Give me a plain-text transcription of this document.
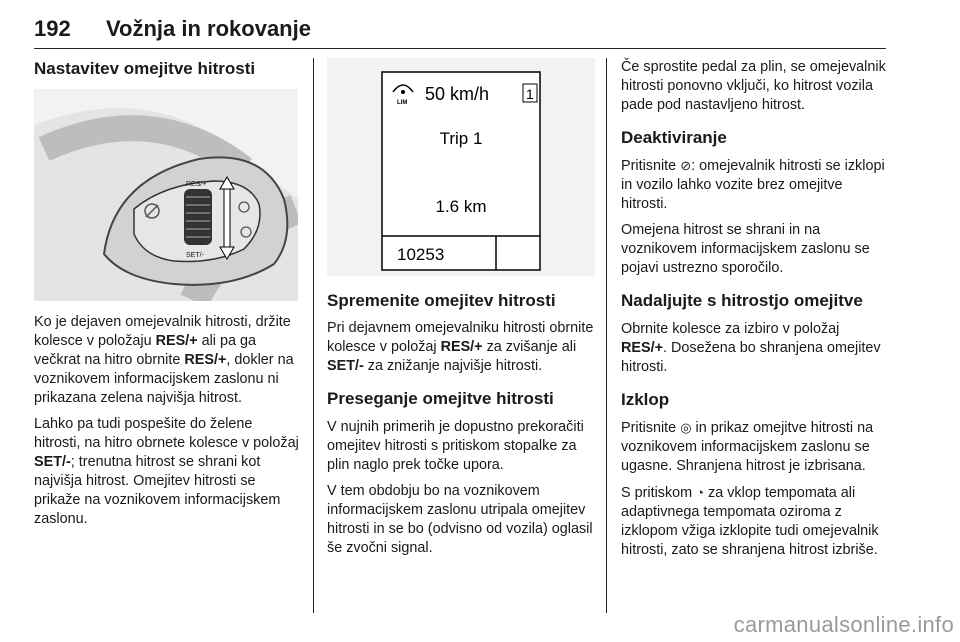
192 Vožnja in rokovanje
Nastavitev omejitve hitrosti
RES/+
SET/-

Ko je dejaven omejevalnik hitrosti, držite kolesce v položaju RES/+ ali pa ga večkrat na hitro obrnite RES/+, dokler na voznikovem informacijskem zaslonu ni prikazana zelena najvišja hitrost.

Lahko pa tudi pospešite do želene hitrosti, na hitro obrnete kolesce v položaj SET/-; trenutna hitrost se shrani kot najvišja hitrost. Omejitev hitrosti se prikaže na voznikovem informacijskem zaslonu.

LIM 50 km/h	1
Trip 1
1.6 km
10253
Spremenite omejitev hitrosti

Pri dejavnem omejevalniku hitrosti obrnite kolesce v položaj RES/+ za zvišanje ali SET/- za znižanje najvišje hitrosti.

Preseganje omejitve hitrosti

V nujnih primerih je dopustno prekoračiti omejitev hitrosti s pritiskom stopalke za plin naglo prek točke upora.

V tem obdobju bo na voznikovem informacijskem zaslonu utripala omejitev hitrosti in se bo (odvisno od vozila) oglasil še zvočni signal.

Če sprostite pedal za plin, se omejevalnik hitrosti ponovno vključi, ko hitrost vozila pade pod nastavljeno hitrost.

Deaktiviranje

Pritisnite ⊘: omejevalnik hitrosti se izklopi in vozilo lahko vozite brez omejitve hitrosti.

Omejena hitrost se shrani in na voznikovem informacijskem zaslonu se pojavi ustrezno sporočilo.

Nadaljujte s hitrostjo omejitve

Obrnite kolesce za izbiro v položaj RES/+. Doseženа bo shranjena omejitev hitrosti.

Izklop

Pritisnite ◎ in prikaz omejitve hitrosti na voznikovem informacijskem zaslonu se ugasne. Shranjena hitrost je izbrisana.

S pritiskom ◔ za vklop tempomata ali adaptivnega tempomata oziroma z izklopom vžiga izklopite tudi omejevalnik hitrosti, zato se shranjena hitrost izbriše.

carmanualsonline.info
